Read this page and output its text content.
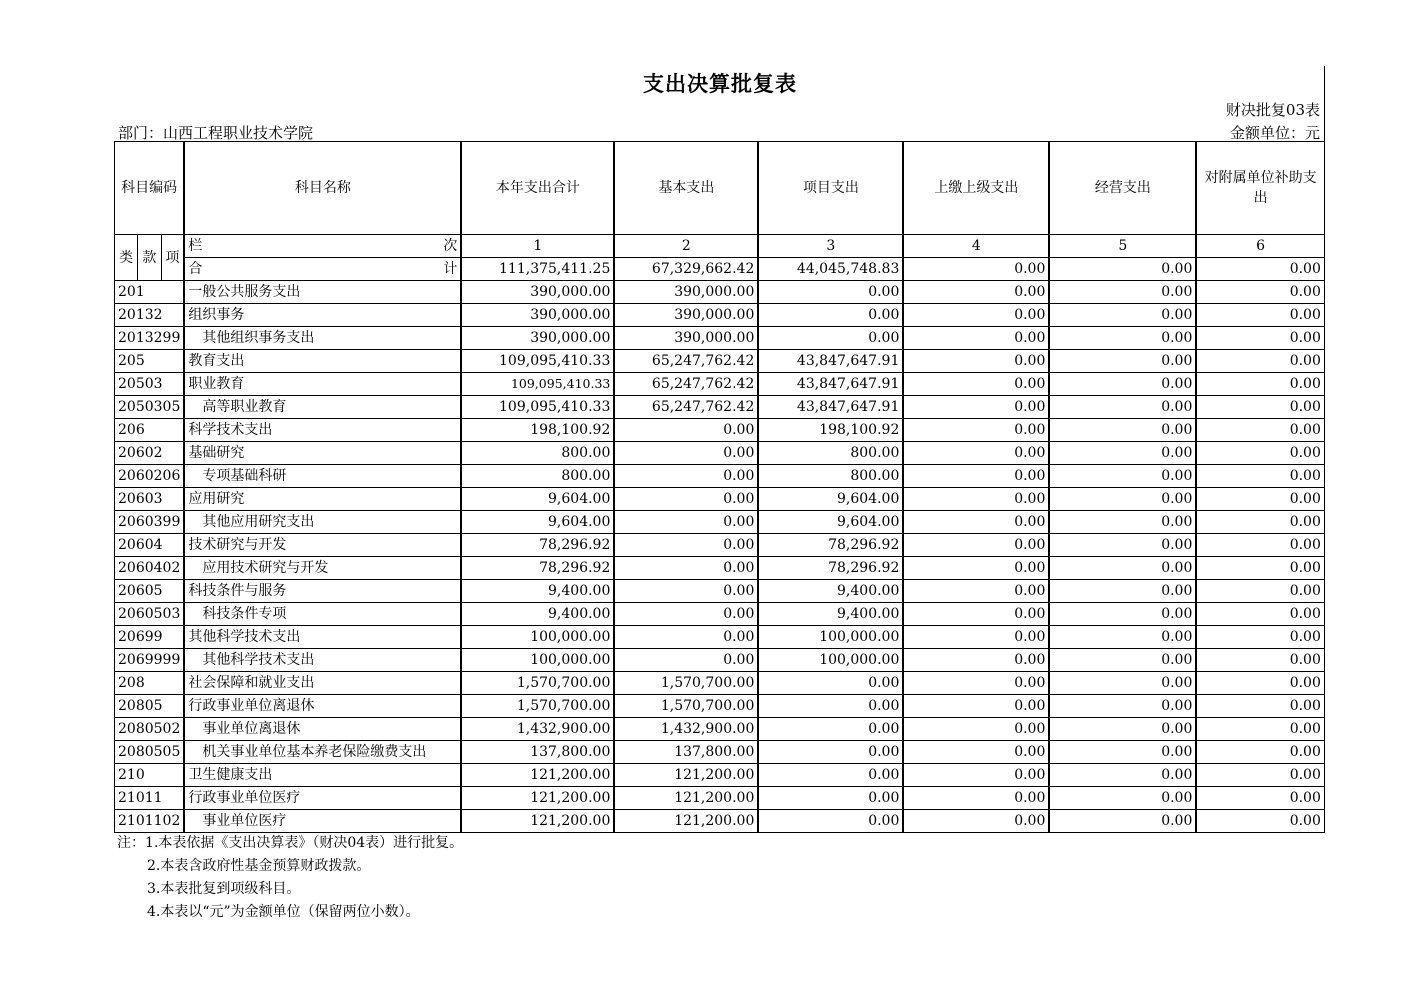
支出决算批复表
财决批复03表
部门：山西工程职业技术学院	金额单位：元
科目编码			科目名称	本年支出合计	基本支出	项目支出	上缴上级支出	经营支出	对附属单位补助支出
类	款	项	栏 次	1	2	3	4	5	6

			合 计	111,375,411.25	67,329,662.42	44,045,748.83	0.00	0.00	0.00
201			一般公共服务支出	390,000.00	390,000.00	0.00	0.00	0.00	0.00
20132			组织事务	390,000.00	390,000.00	0.00	0.00	0.00	0.00
2013299			其他组织事务支出	390,000.00	390,000.00	0.00	0.00	0.00	0.00
205			教育支出	109,095,410.33	65,247,762.42	43,847,647.91	0.00	0.00	0.00
20503			职业教育	109,095,410.33	65,247,762.42	43,847,647.91	0.00	0.00	0.00
2050305			高等职业教育	109,095,410.33	65,247,762.42	43,847,647.91	0.00	0.00	0.00
206			科学技术支出	198,100.92	0.00	198,100.92	0.00	0.00	0.00
20602			基础研究	800.00	0.00	800.00	0.00	0.00	0.00
2060206			专项基础科研	800.00	0.00	800.00	0.00	0.00	0.00
20603			应用研究	9,604.00	0.00	9,604.00	0.00	0.00	0.00
2060399			其他应用研究支出	9,604.00	0.00	9,604.00	0.00	0.00	0.00
20604			技术研究与开发	78,296.92	0.00	78,296.92	0.00	0.00	0.00
2060402			应用技术研究与开发	78,296.92	0.00	78,296.92	0.00	0.00	0.00
20605			科技条件与服务	9,400.00	0.00	9,400.00	0.00	0.00	0.00
2060503			科技条件专项	9,400.00	0.00	9,400.00	0.00	0.00	0.00
20699			其他科学技术支出	100,000.00	0.00	100,000.00	0.00	0.00	0.00
2069999			其他科学技术支出	100,000.00	0.00	100,000.00	0.00	0.00	0.00
208			社会保障和就业支出	1,570,700.00	1,570,700.00	0.00	0.00	0.00	0.00
20805			行政事业单位离退休	1,570,700.00	1,570,700.00	0.00	0.00	0.00	0.00
2080502			事业单位离退休	1,432,900.00	1,432,900.00	0.00	0.00	0.00	0.00
2080505			机关事业单位基本养老保险缴费支出	137,800.00	137,800.00	0.00	0.00	0.00	0.00
210			卫生健康支出	121,200.00	121,200.00	0.00	0.00	0.00	0.00
21011			行政事业单位医疗	121,200.00	121,200.00	0.00	0.00	0.00	0.00
2101102			事业单位医疗	121,200.00	121,200.00	0.00	0.00	0.00	0.00
注：1.本表依据《支出决算表》（财决04表）进行批复。
2.本表含政府性基金预算财政拨款。
3.本表批复到项级科目。
4.本表以“元”为金额单位（保留两位小数）。
